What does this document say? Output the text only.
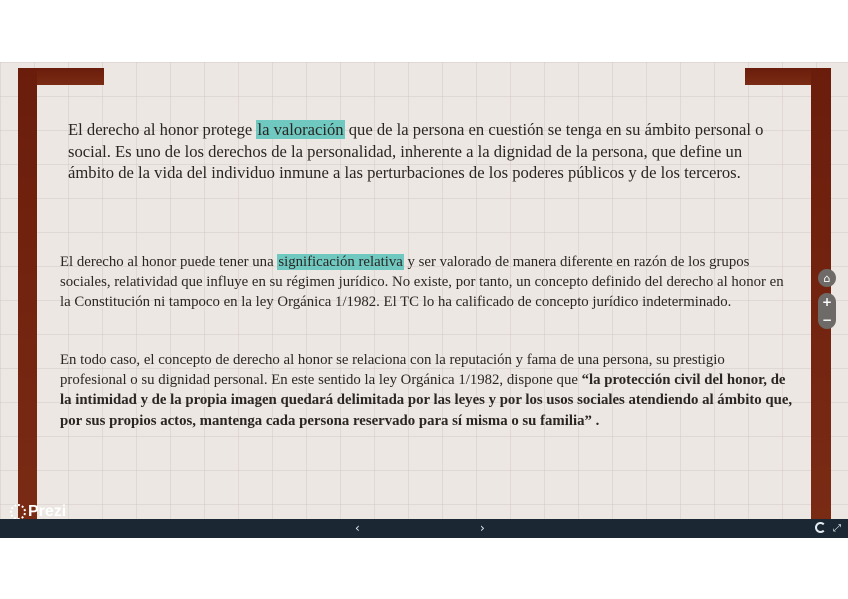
El derecho al honor protege la valoración que de la persona en cuestión se tenga en su ámbito personal o social. Es uno de los derechos de la personalidad, inherente a la dignidad de la persona, que define un ámbito de la vida del individuo inmune a las perturbaciones de los poderes públicos y de los terceros.

El derecho al honor puede tener una significación relativa y ser valorado de manera diferente en razón de los grupos sociales, relatividad que influye en su régimen jurídico. No existe, por tanto, un concepto definido del derecho al honor en la Constitución ni tampoco en la ley Orgánica 1/1982. El TC lo ha calificado de concepto jurídico indeterminado.

En todo caso, el concepto de derecho al honor se relaciona con la reputación y fama de una persona, su prestigio profesional o su dignidad personal. En este sentido la ley Orgánica 1/1982, dispone que “la protección civil del honor, de la intimidad y de la propia imagen quedará delimitada por las leyes y por los usos sociales atendiendo al ámbito que, por sus propios actos, mantenga cada persona reservado para sí misma o su familia” .

⌂
+
−
Prezi
‹	›	⤢
